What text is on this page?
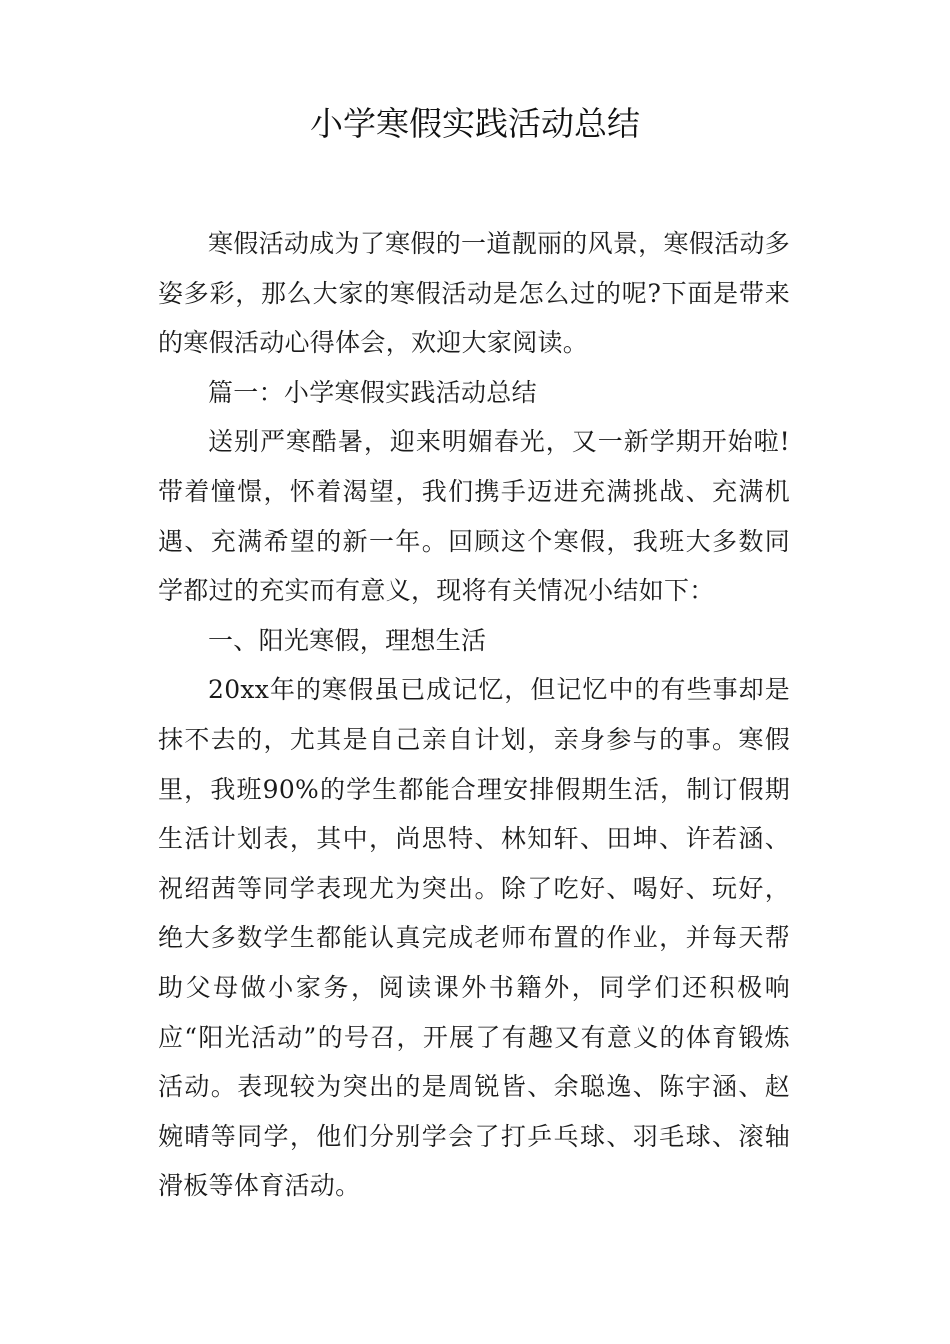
小学寒假实践活动总结

寒假活动成为了寒假的一道靓丽的风景，寒假活动多姿多彩，那么大家的寒假活动是怎么过的呢?下面是带来的寒假活动心得体会，欢迎大家阅读。

篇一：小学寒假实践活动总结

送别严寒酷暑，迎来明媚春光，又一新学期开始啦!带着憧憬，怀着渴望，我们携手迈进充满挑战、充满机遇、充满希望的新一年。回顾这个寒假，我班大多数同学都过的充实而有意义，现将有关情况小结如下：

一、阳光寒假，理想生活

20xx年的寒假虽已成记忆，但记忆中的有些事却是抹不去的，尤其是自己亲自计划，亲身参与的事。寒假里，我班90%的学生都能合理安排假期生活，制订假期生活计划表，其中，尚思特、林知轩、田坤、许若涵、祝绍茜等同学表现尤为突出。除了吃好、喝好、玩好，绝大多数学生都能认真完成老师布置的作业，并每天帮助父母做小家务，阅读课外书籍外，同学们还积极响应“阳光活动”的号召，开展了有趣又有意义的体育锻炼活动。表现较为突出的是周锐皆、余聪逸、陈宇涵、赵婉晴等同学，他们分别学会了打乒乓球、羽毛球、滚轴滑板等体育活动。
